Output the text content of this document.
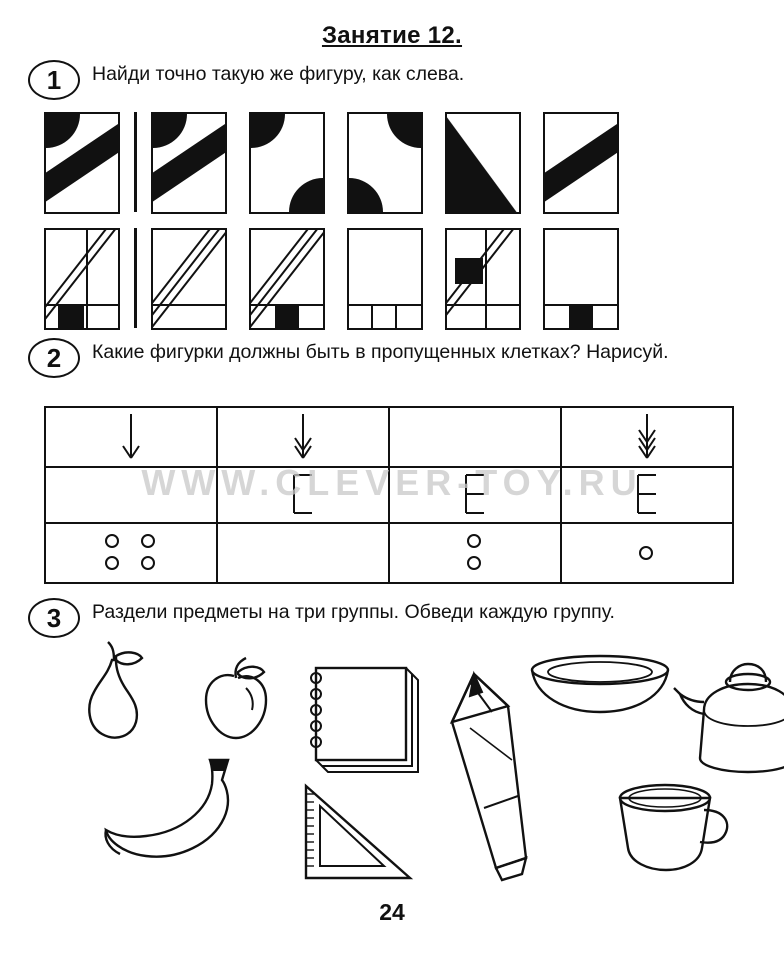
Занятие 12.
1	Найди точно такую же фигуру, как слева.
2	Какие фигурки должны быть в пропущенных клетках? Нарисуй.

WWW.CLEVER-TOY.RU
3	Раздели предметы на три группы. Обведи каждую группу.
24
